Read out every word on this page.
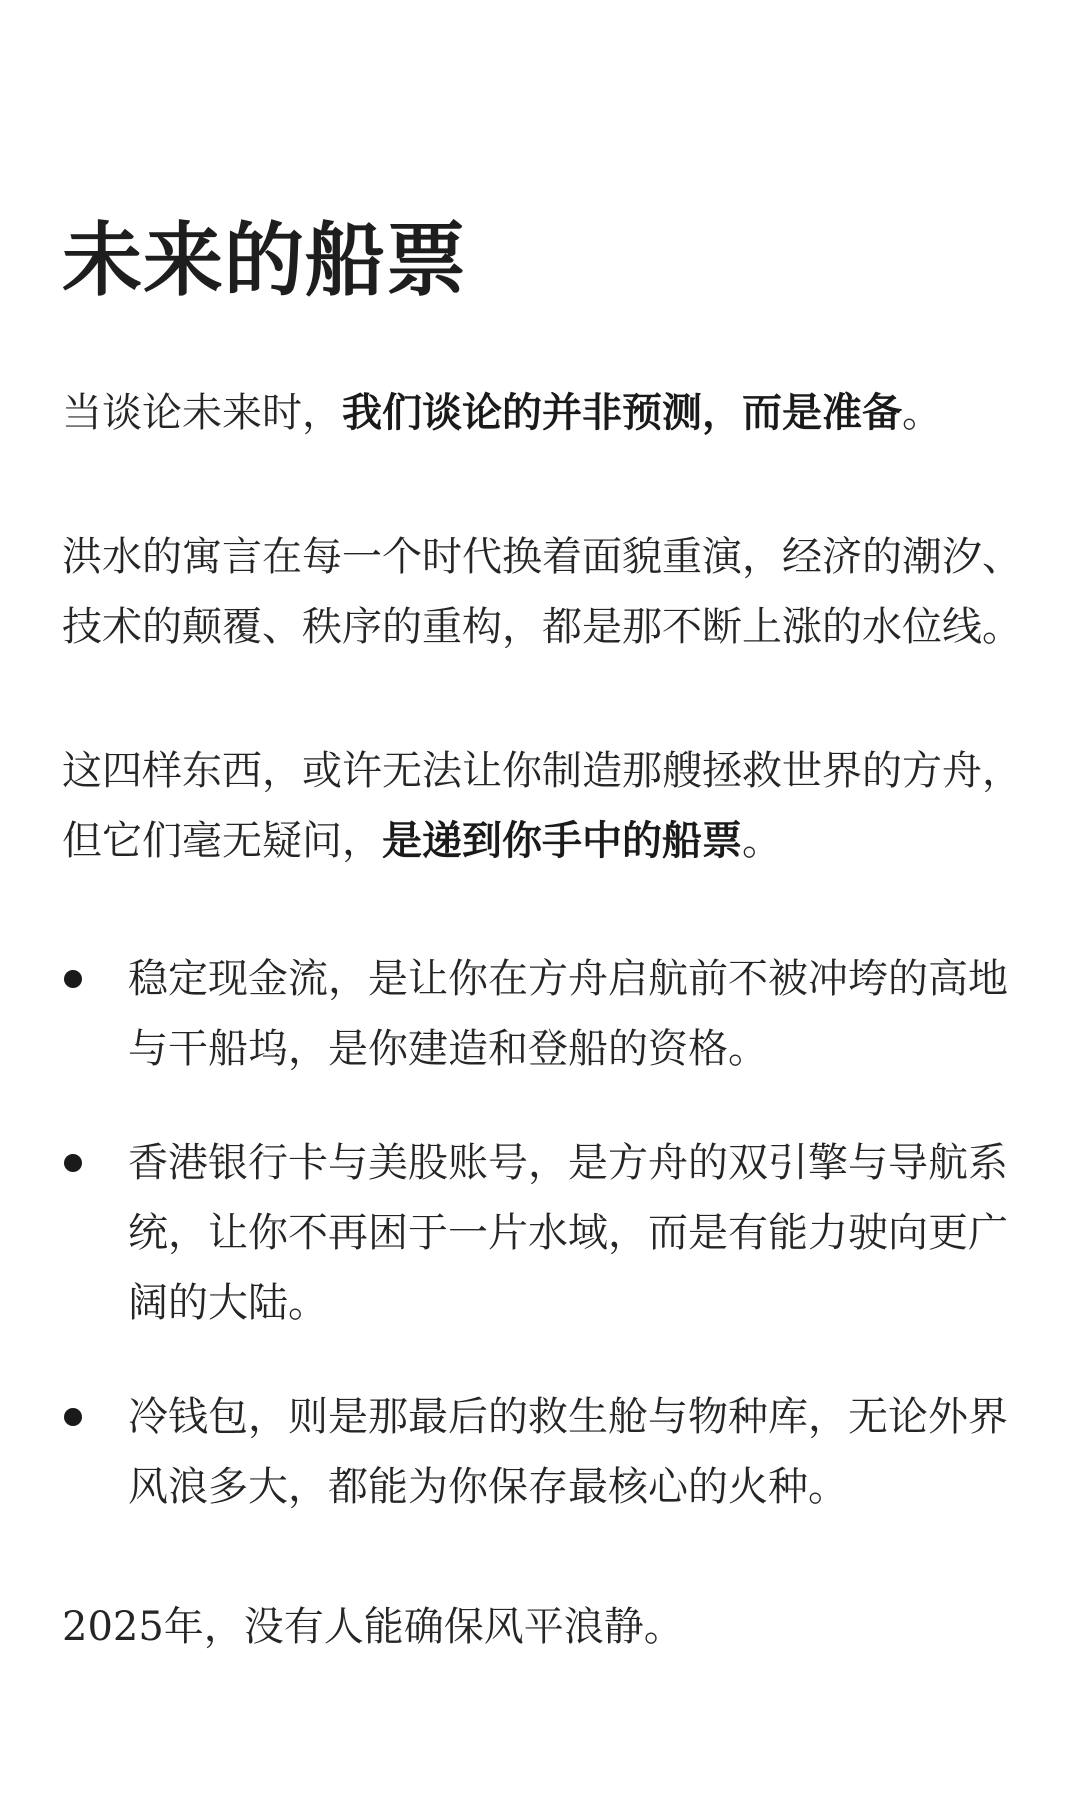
未来的船票

当谈论未来时，我们谈论的并非预测，而是准备。

洪水的寓言在每一个时代换着面貌重演，经济的潮汐、技术的颠覆、秩序的重构，都是那不断上涨的水位线。

这四样东西，或许无法让你制造那艘拯救世界的方舟，但它们毫无疑问，是递到你手中的船票。

稳定现金流，是让你在方舟启航前不被冲垮的高地与干船坞，是你建造和登船的资格。
香港银行卡与美股账号，是方舟的双引擎与导航系统，让你不再困于一片水域，而是有能力驶向更广阔的大陆。
冷钱包，则是那最后的救生舱与物种库，无论外界风浪多大，都能为你保存最核心的火种。

2025年，没有人能确保风平浪静。
